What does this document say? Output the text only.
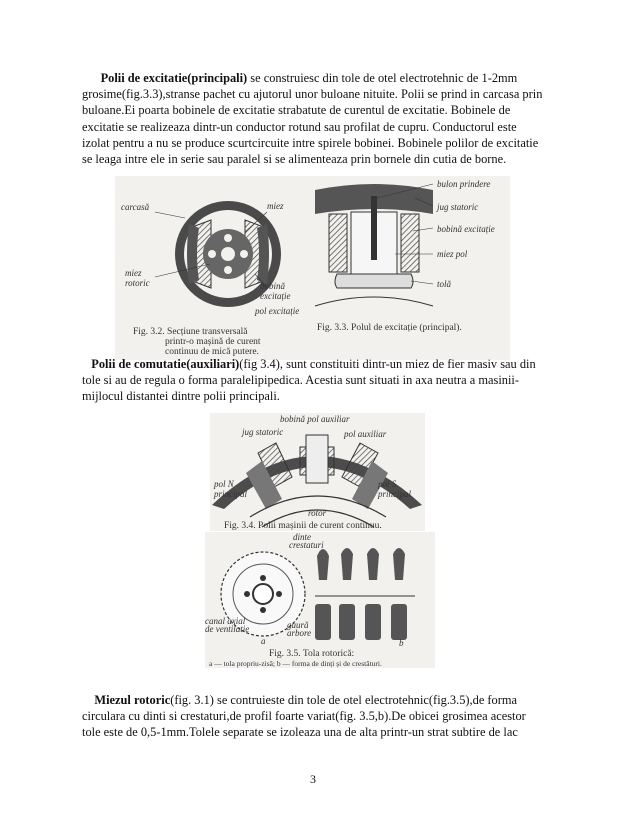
Polii de excitatie(principali) se construiesc din tole de otel electrotehnic de 1-2mm grosime(fig.3.3),stranse pachet cu ajutorul unor buloane nituite. Polii se prind in carcasa prin buloane.Ei poarta bobinele de excitatie strabatute de curentul de excitatie. Bobinele de excitatie se realizeaza dintr-un conductor rotund sau profilat de cupru. Conductorul este izolat pentru a nu se produce scurtcircuite intre spirele bobinei. Bobinele polilor de excitatie se leaga intre ele in serie sau paralel si se alimenteaza prin bornele din cutia de borne.
carcasă	miez
miez
rotoric	bobină
excitație
pol excitație
bulon prindere
jug statoric
bobină excitație
miez pol
tolă
Fig. 3.2. Secțiune transversală
printr-o mașină de curent
continuu de mică putere.
Fig. 3.3. Polul de excitație (principal).
Polii de comutatie(auxiliari)(fig 3.4), sunt constituiti dintr-un miez de fier masiv sau din tole si au de regula o forma paralelipipedica. Acestia sunt situati in axa neutra a masinii-mijlocul distantei dintre polii principali.
bobină pol auxiliar
jug statoric	pol auxiliar
pol N
principal
pol S
principal
rotor
Fig. 3.4. Polii mașinii de curent continuu.
dinte
crestaturi
canal axial
de ventilatie	gaură
arbore
a	b
Fig. 3.5. Tola rotorică:
a — tola propriu-zisă; b — forma de dinți și de crestături.
Miezul rotoric(fig. 3.1) se contruieste din tole de otel electrotehnic(fig.3.5),de forma circulara cu dinti si crestaturi,de profil foarte variat(fig. 3.5,b).De obicei grosimea acestor tole este de 0,5-1mm.Tolele separate se izoleaza una de alta printr-un strat subtire de lac
3
